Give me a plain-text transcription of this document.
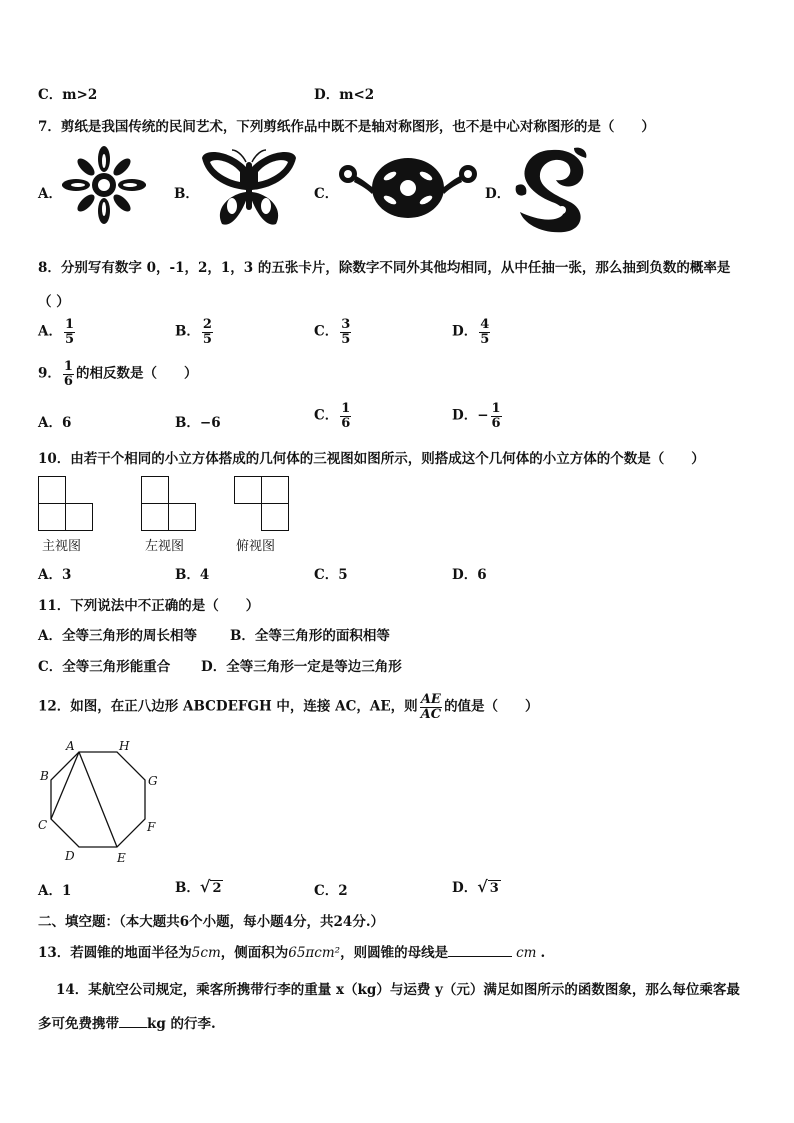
C．m>2	D．m<2
7．剪纸是我国传统的民间艺术，下列剪纸作品中既不是轴对称图形，也不是中心对称图形的是（　　）
A．	B．	C．	D．
8．分别写有数字 0，-1，2，1，3 的五张卡片，除数字不同外其他均相同，从中任抽一张，那么抽到负数的概率是
（ ）
A． $\frac{1}{5}$	B． $\frac{2}{5}$	C． $\frac{3}{5}$	D． $\frac{4}{5}$
9． $\frac{1}{6}$ 的相反数是（　　）
A．6	B．−6	C． $\frac{1}{6}$	D．− $\frac{1}{6}$
10．由若干个相同的小立方体搭成的几何体的三视图如图所示，则搭成这个几何体的小立方体的个数是（　　）
主视图	左视图	俯视图
A．3	B．4	C．5	D．6
11．下列说法中不正确的是（　　）
A．全等三角形的周长相等 B．全等三角形的面积相等
C．全等三角形能重合 D．全等三角形一定是等边三角形
12．如图，在正八边形 ABCDEFGH 中，连接 AC，AE，则 $\frac{AE}{AC}$ 的值是（　　）
A
B
C
D	E
F
G
H
A．1	B． √ 2	C．2	D． √ 3
二、填空题：（本大题共6个小题，每小题4分，共24分.）
13．若圆锥的地面半径为5cm，侧面积为65πcm²，则圆锥的母线是	cm .
14．某航空公司规定，乘客所携带行李的重量 x（kg）与运费 y（元）满足如图所示的函数图象，那么每位乘客最
多可免费携带 kg 的行李.
